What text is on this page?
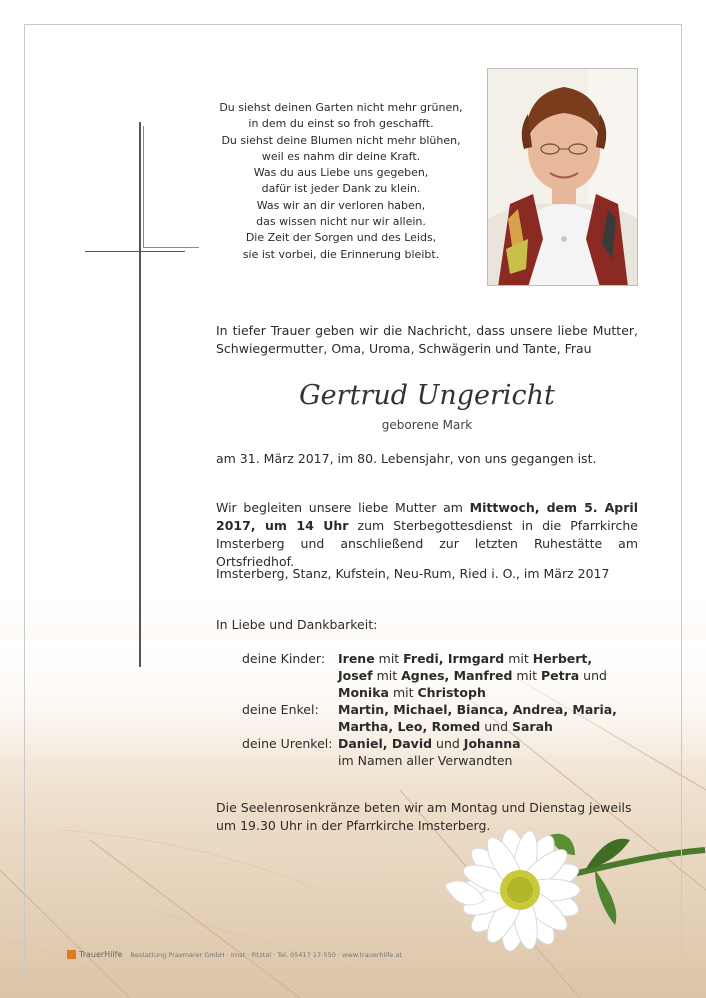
Du siehst deinen Garten nicht mehr grünen,
in dem du einst so froh geschafft.
Du siehst deine Blumen nicht mehr blühen,
weil es nahm dir deine Kraft.
Was du aus Liebe uns gegeben,
dafür ist jeder Dank zu klein.
Was wir an dir verloren haben,
das wissen nicht nur wir allein.
Die Zeit der Sorgen und des Leids,
sie ist vorbei, die Erinnerung bleibt.
In tiefer Trauer geben wir die Nachricht, dass unsere liebe Mutter, Schwiegermutter, Oma, Uroma, Schwägerin und Tante, Frau
Gertrud Ungericht
geborene Mark
am 31. März 2017, im 80. Lebensjahr, von uns gegangen ist.
Wir begleiten unsere liebe Mutter am Mittwoch, dem 5. April 2017, um 14 Uhr zum Sterbegottesdienst in die Pfarrkirche Imsterberg und anschließend zur letzten Ruhestätte am Ortsfriedhof.
Imsterberg, Stanz, Kufstein, Neu-Rum, Ried i. O., im März 2017
In Liebe und Dankbarkeit:
deine Kinder: Irene mit Fredi, Irmgard mit Herbert,
Josef mit Agnes, Manfred mit Petra und
Monika mit Christoph
deine Enkel: Martin, Michael, Bianca, Andrea, Maria,
Martha, Leo, Romed und Sarah
deine Urenkel: Daniel, David und Johanna
im Namen aller Verwandten
Die Seelenrosenkränze beten wir am Montag und Dienstag jeweils um 19.30 Uhr in der Pfarrkirche Imsterberg.
TrauerHilfe Bestattung Praxmarer GmbH · Imst · Pitztal · Tel. 05417 17-550 · www.trauerhilfe.at
